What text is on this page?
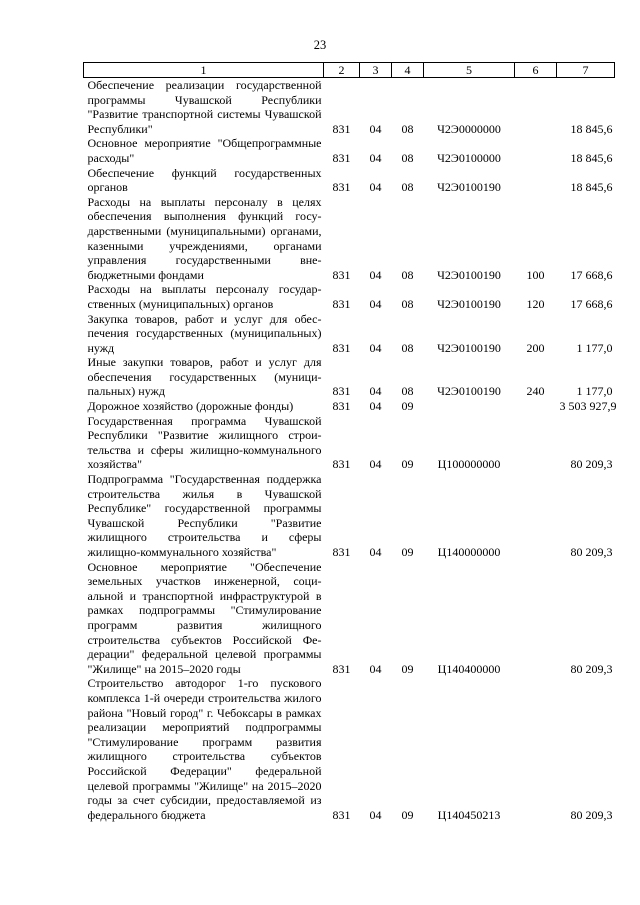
23
1	2	3	4	5	6	7
Обеспечение реализации государственной программы Чувашской Республики "Развитие транспортной системы Чувашской Республики"	831	04	08	Ч2Э0000000		18 845,6
Основное мероприятие "Общепрограммные расходы"	831	04	08	Ч2Э0100000		18 845,6
Обеспечение функций государственных органов	831	04	08	Ч2Э0100190		18 845,6
Расходы на выплаты персоналу в целях обеспечения выполнения функций государственными (муниципальными) органами, казенными учреждениями, органами управления государственными внебюджетными фондами	831	04	08	Ч2Э0100190	100	17 668,6
Расходы на выплаты персоналу государственных (муниципальных) органов	831	04	08	Ч2Э0100190	120	17 668,6
Закупка товаров, работ и услуг для обеспечения государственных (муниципальных) нужд	831	04	08	Ч2Э0100190	200	1 177,0
Иные закупки товаров, работ и услуг для обеспечения государственных (муниципальных) нужд	831	04	08	Ч2Э0100190	240	1 177,0
Дорожное хозяйство (дорожные фонды)	831	04	09			3 503 927,9
Государственная программа Чувашской Республики "Развитие жилищного строительства и сферы жилищно-коммунального хозяйства"	831	04	09	Ц100000000		80 209,3
Подпрограмма "Государственная поддержка строительства жилья в Чувашской Республике" государственной программы Чувашской Республики "Развитие жилищного строительства и сферы жилищно-коммунального хозяйства"	831	04	09	Ц140000000		80 209,3
Основное мероприятие "Обеспечение земельных участков инженерной, социальной и транспортной инфраструктурой в рамках подпрограммы "Стимулирование программ развития жилищного строительства субъектов Российской Федерации" федеральной целевой программы "Жилище" на 2015–2020 годы	831	04	09	Ц140400000		80 209,3
Строительство автодорог 1-го пускового комплекса 1-й очереди строительства жилого района "Новый город" г. Чебоксары в рамках реализации мероприятий подпрограммы "Стимулирование программ развития жилищного строительства субъектов Российской Федерации" федеральной целевой программы "Жилище" на 2015–2020 годы за счет субсидии, предоставляемой из федерального бюджета	831	04	09	Ц140450213		80 209,3
